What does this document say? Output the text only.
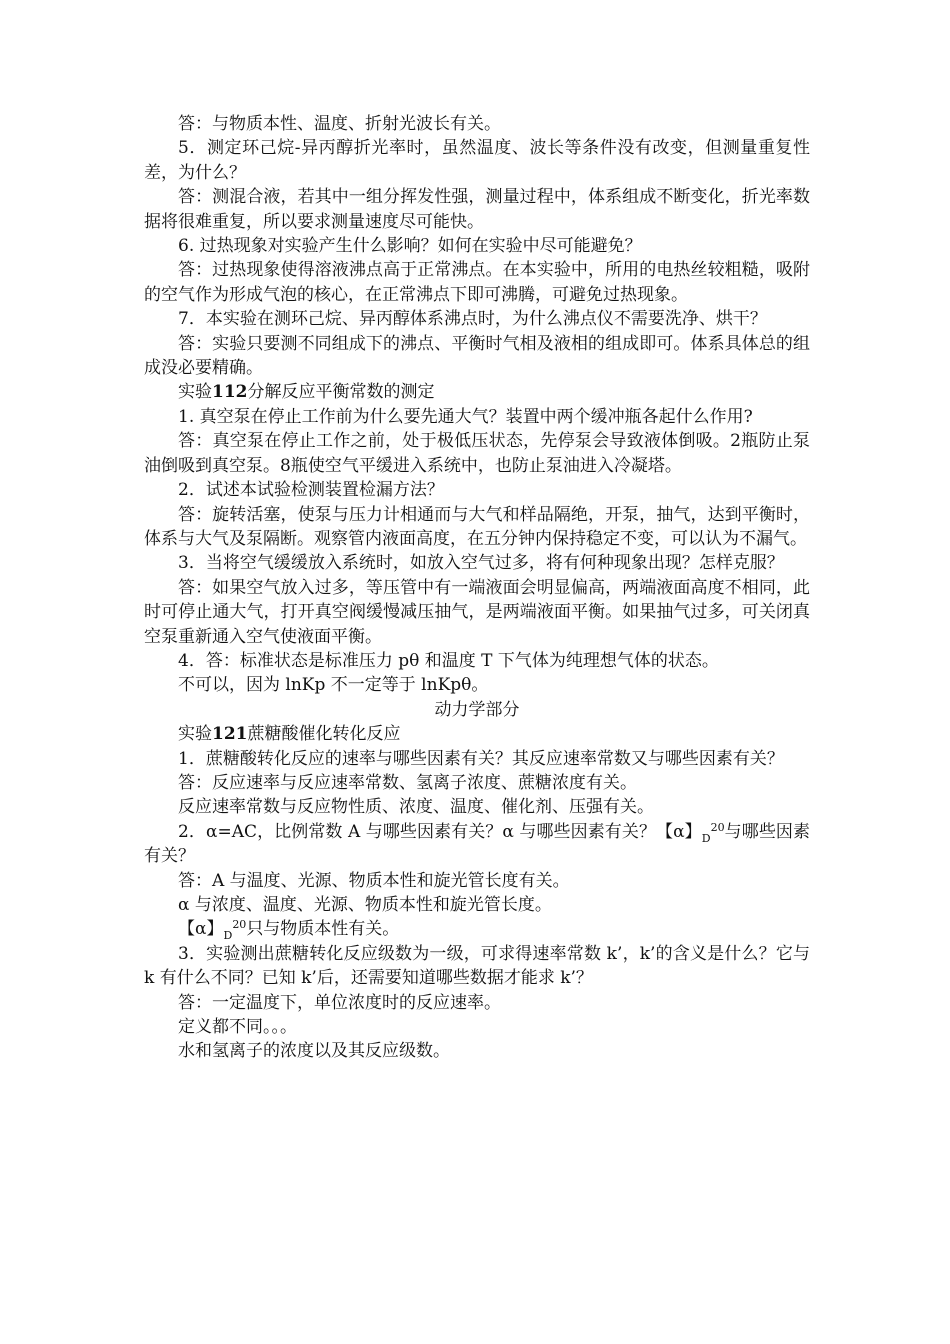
答：与物质本性、温度、折射光波长有关。

5．测定环己烷-异丙醇折光率时，虽然温度、波长等条件没有改变，但测量重复性差，为什么？

答：测混合液，若其中一组分挥发性强，测量过程中，体系组成不断变化，折光率数据将很难重复，所以要求测量速度尽可能快。

6. 过热现象对实验产生什么影响？如何在实验中尽可能避免？

答：过热现象使得溶液沸点高于正常沸点。在本实验中，所用的电热丝较粗糙，吸附的空气作为形成气泡的核心，在正常沸点下即可沸腾，可避免过热现象。

7．本实验在测环己烷、异丙醇体系沸点时，为什么沸点仪不需要洗净、烘干？

答：实验只要测不同组成下的沸点、平衡时气相及液相的组成即可。体系具体总的组成没必要精确。

实验112分解反应平衡常数的测定

1. 真空泵在停止工作前为什么要先通大气？装置中两个缓冲瓶各起什么作用?

答：真空泵在停止工作之前，处于极低压状态，先停泵会导致液体倒吸。2瓶防止泵油倒吸到真空泵。8瓶使空气平缓进入系统中，也防止泵油进入冷凝塔。

2．试述本试验检测装置检漏方法？

答：旋转活塞，使泵与压力计相通而与大气和样品隔绝，开泵，抽气，达到平衡时，体系与大气及泵隔断。观察管内液面高度，在五分钟内保持稳定不变，可以认为不漏气。

3．当将空气缓缓放入系统时，如放入空气过多，将有何种现象出现？怎样克服？

答：如果空气放入过多，等压管中有一端液面会明显偏高，两端液面高度不相同，此时可停止通大气，打开真空阀缓慢减压抽气，是两端液面平衡。如果抽气过多，可关闭真空泵重新通入空气使液面平衡。

4．答：标准状态是标准压力 pθ 和温度 T 下气体为纯理想气体的状态。

不可以，因为 lnKp 不一定等于 lnKpθ。

动力学部分

实验121蔗糖酸催化转化反应

1．蔗糖酸转化反应的速率与哪些因素有关？其反应速率常数又与哪些因素有关？

答：反应速率与反应速率常数、氢离子浓度、蔗糖浓度有关。

反应速率常数与反应物性质、浓度、温度、催化剂、压强有关。

2．α=AC，比例常数 A 与哪些因素有关？α 与哪些因素有关？【α】$_D^{20}$与哪些因素有关？

答：A 与温度、光源、物质本性和旋光管长度有关。

α 与浓度、温度、光源、物质本性和旋光管长度。

【α】$_D^{20}$只与物质本性有关。

3．实验测出蔗糖转化反应级数为一级，可求得速率常数 k’，k’的含义是什么？它与 k 有什么不同？已知 k’后，还需要知道哪些数据才能求 k’？

答：一定温度下，单位浓度时的反应速率。

定义都不同。。。

水和氢离子的浓度以及其反应级数。
